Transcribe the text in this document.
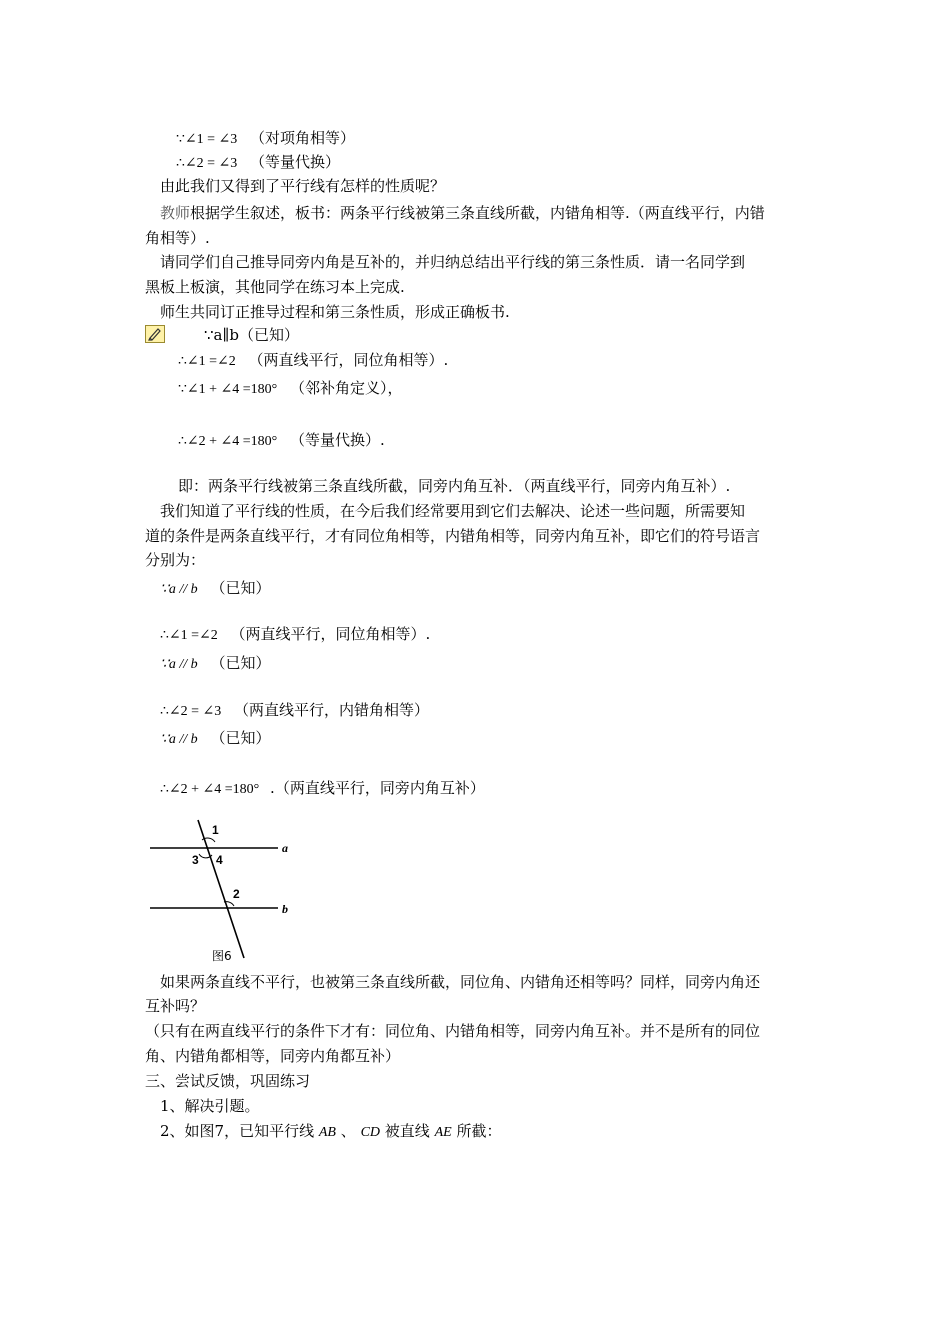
∵∠1 = ∠3 （对项角相等）
∴∠2 = ∠3 （等量代换）
由此我们又得到了平行线有怎样的性质呢？
教师根据学生叙述，板书：两条平行线被第三条直线所截，内错角相等.（两直线平行，内错
角相等）.
请同学们自己推导同旁内角是互补的，并归纳总结出平行线的第三条性质．请一名同学到
黑板上板演，其他同学在练习本上完成.
师生共同订正推导过程和第三条性质，形成正确板书.
∵a∥b（已知）
∴∠1 =∠2 （两直线平行，同位角相等）.
∵∠1 + ∠4 =180° （邻补角定义），
∴∠2 + ∠4 =180° （等量代换）.
即：两条平行线被第三条直线所截，同旁内角互补．（两直线平行，同旁内角互补）.
我们知道了平行线的性质，在今后我们经常要用到它们去解决、论述一些问题，所需要知
道的条件是两条直线平行，才有同位角相等，内错角相等，同旁内角互补，即它们的符号语言
分别为：
∵a // b （已知）
∴∠1 =∠2 （两直线平行，同位角相等）.
∵a // b （已知）
∴∠2 = ∠3 （两直线平行，内错角相等）
∵a // b （已知）
∴∠2 + ∠4 =180° .（两直线平行，同旁内角互补）
1
3 4
2
a
b
图6
如果两条直线不平行，也被第三条直线所截，同位角、内错角还相等吗？同样，同旁内角还
互补吗？
（只有在两直线平行的条件下才有：同位角、内错角相等，同旁内角互补。并不是所有的同位
角、内错角都相等，同旁内角都互补）
三、尝试反馈，巩固练习
1、解决引题。
2、如图7，已知平行线 AB 、 CD 被直线 AE 所截：
